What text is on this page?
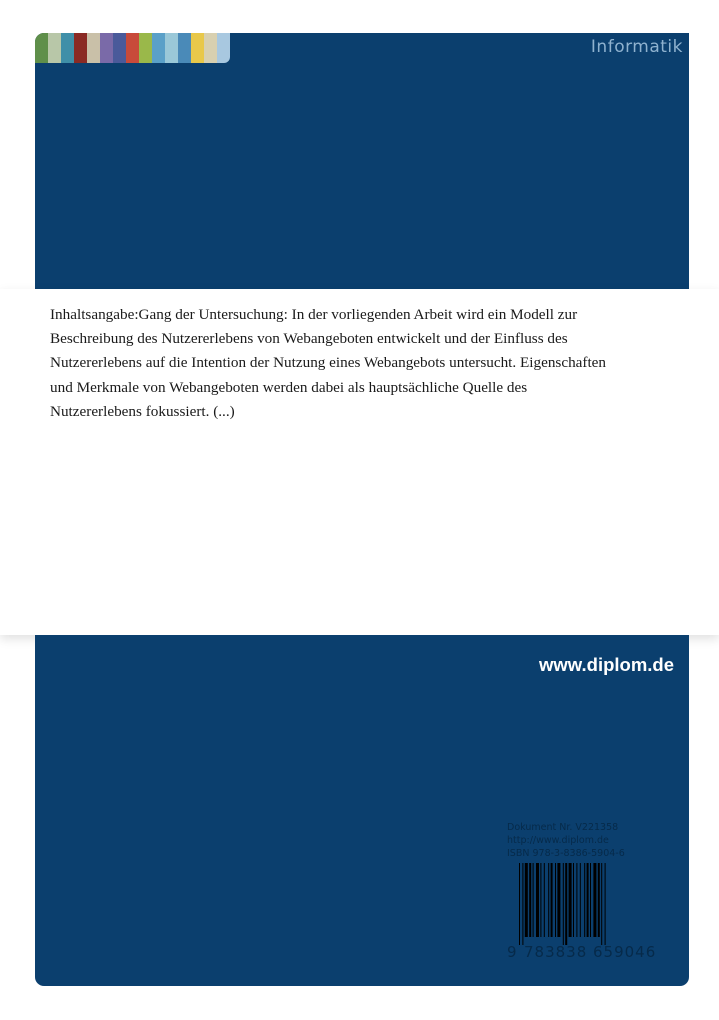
Informatik

Inhaltsangabe:Gang der Untersuchung: In der vorliegenden Arbeit wird ein Modell zur Beschreibung des Nutzererlebens von Webangeboten entwickelt und der Einfluss des Nutzererlebens auf die Intention der Nutzung eines Webangebots untersucht. Eigenschaften und Merkmale von Webangeboten werden dabei als hauptsächliche Quelle des Nutzererlebens fokussiert. (...)

www.diplom.de
Dokument Nr. V221358
http://www.diplom.de
ISBN 978-3-8386-5904-6
9 783838 659046
